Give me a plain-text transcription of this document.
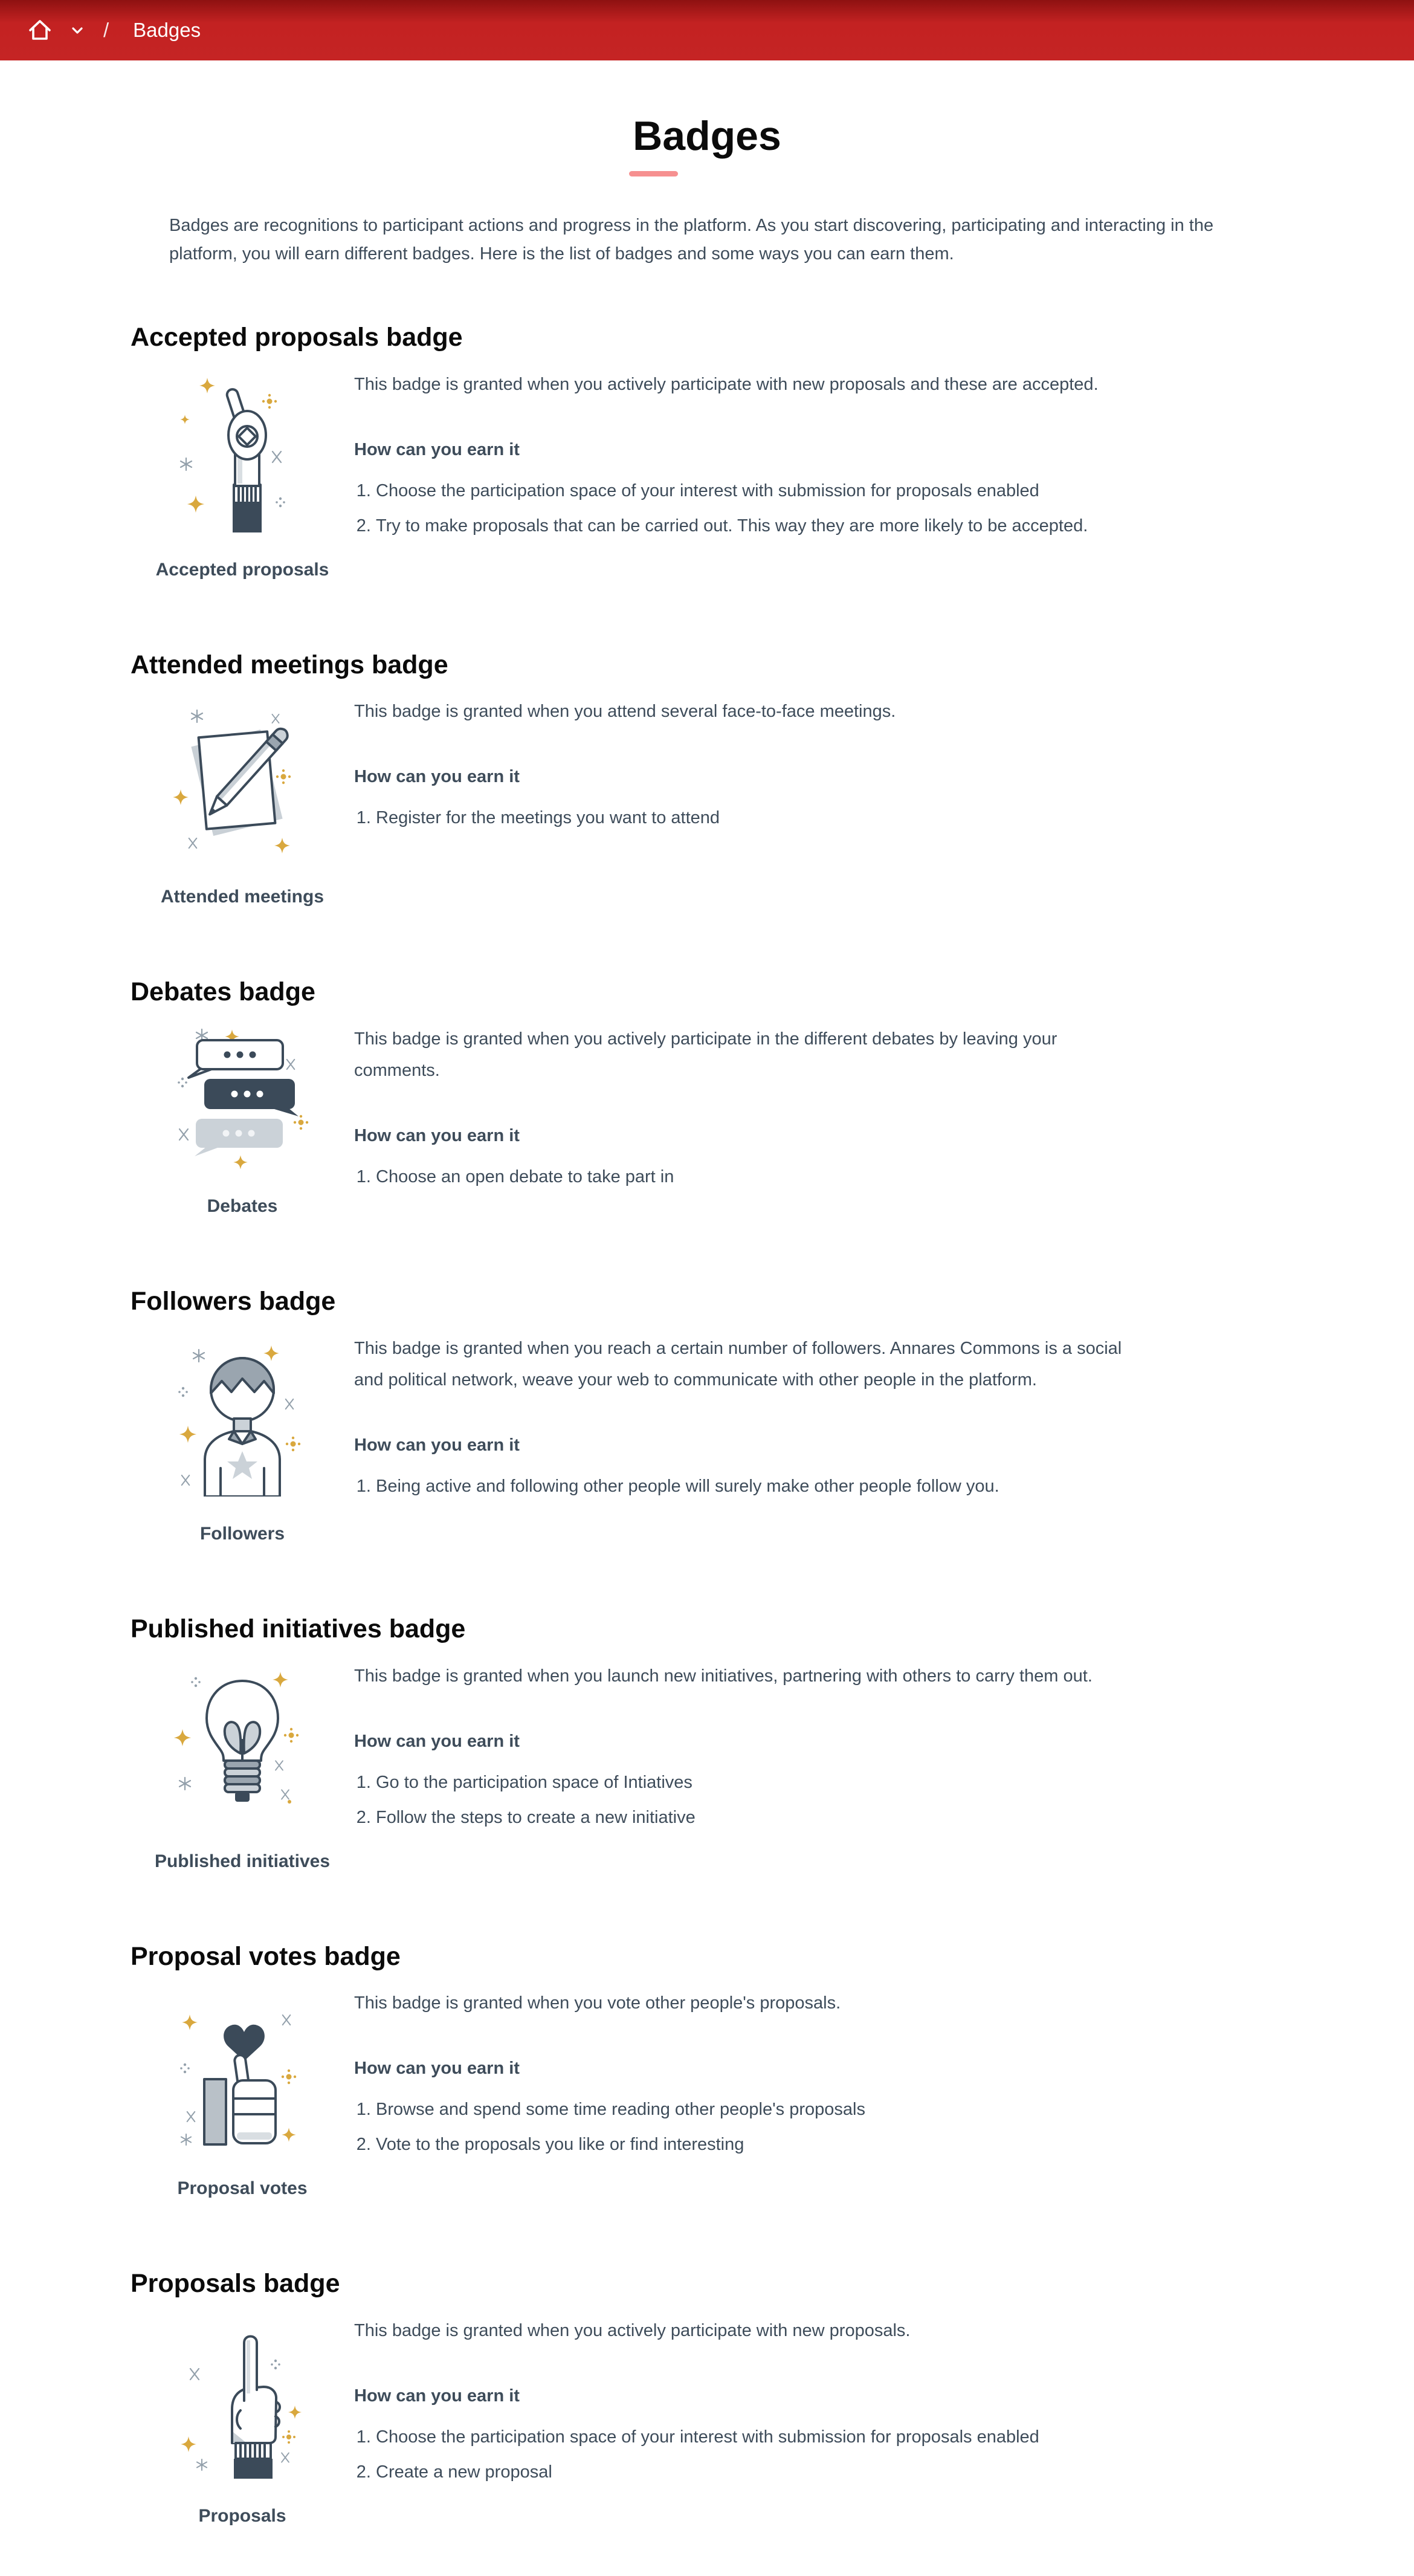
/ Badges
Badges

Badges are recognitions to participant actions and progress in the platform. As you start discovering, participating and interacting in the platform, you will earn different badges. Here is the list of badges and some ways you can earn them.

Accepted proposals badge
Accepted proposals

This badge is granted when you actively participate with new proposals and these are accepted.

How can you earn it
1. Choose the participation space of your interest with submission for proposals enabled
2. Try to make proposals that can be carried out. This way they are more likely to be accepted.
Attended meetings badge
Attended meetings

This badge is granted when you attend several face-to-face meetings.

How can you earn it
1. Register for the meetings you want to attend
Debates badge
Debates

This badge is granted when you actively participate in the different debates by leaving your comments.

How can you earn it
1. Choose an open debate to take part in
Followers badge
Followers

This badge is granted when you reach a certain number of followers. Annares Commons is a social and political network, weave your web to communicate with other people in the platform.

How can you earn it
1. Being active and following other people will surely make other people follow you.
Published initiatives badge
Published initiatives

This badge is granted when you launch new initiatives, partnering with others to carry them out.

How can you earn it
1. Go to the participation space of Intiatives
2. Follow the steps to create a new initiative
Proposal votes badge
Proposal votes

This badge is granted when you vote other people's proposals.

How can you earn it
1. Browse and spend some time reading other people's proposals
2. Vote to the proposals you like or find interesting
Proposals badge
Proposals

This badge is granted when you actively participate with new proposals.

How can you earn it
1. Choose the participation space of your interest with submission for proposals enabled
2. Create a new proposal
